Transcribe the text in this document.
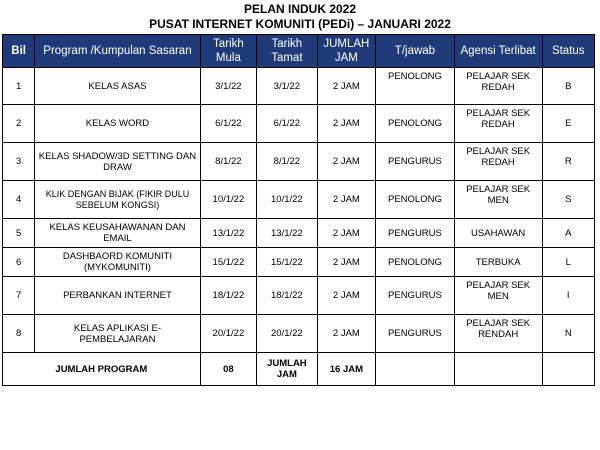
PELAN INDUK 2022
PUSAT INTERNET KOMUNITI (PEDi) – JANUARI 2022
Bil	Program /Kumpulan Sasaran	Tarikh Mula	Tarikh Tamat	JUMLAH JAM	T/jawab	Agensi Terlibat	Status
1	KELAS ASAS	3/1/22	3/1/22	2 JAM	PENOLONG	PELAJAR SEK REDAH	B
2	KELAS WORD	6/1/22	6/1/22	2 JAM	PENOLONG	PELAJAR SEK REDAH	E
3	KELAS SHADOW/3D SETTING DAN DRAW	8/1/22	8/1/22	2 JAM	PENGURUS	PELAJAR SEK REDAH	R
4	KLIK DENGAN BIJAK (FIKIR DULU SEBELUM KONGSI)	10/1/22	10/1/22	2 JAM	PENOLONG	PELAJAR SEK MEN	S
5	KELAS KEUSAHAWANAN DAN EMAIL	13/1/22	13/1/22	2 JAM	PENGURUS	USAHAWAN	A
6	DASHBAORD KOMUNITI (MYKOMUNITI)	15/1/22	15/1/22	2 JAM	PENOLONG	TERBUKA	L
7	PERBANKAN INTERNET	18/1/22	18/1/22	2 JAM	PENGURUS	PELAJAR SEK MEN	I
8	KELAS APLIKASI E-PEMBELAJARAN	20/1/22	20/1/22	2 JAM	PENGURUS	PELAJAR SEK RENDAH	N
JUMLAH PROGRAM		08	JUMLAH JAM	16 JAM			
